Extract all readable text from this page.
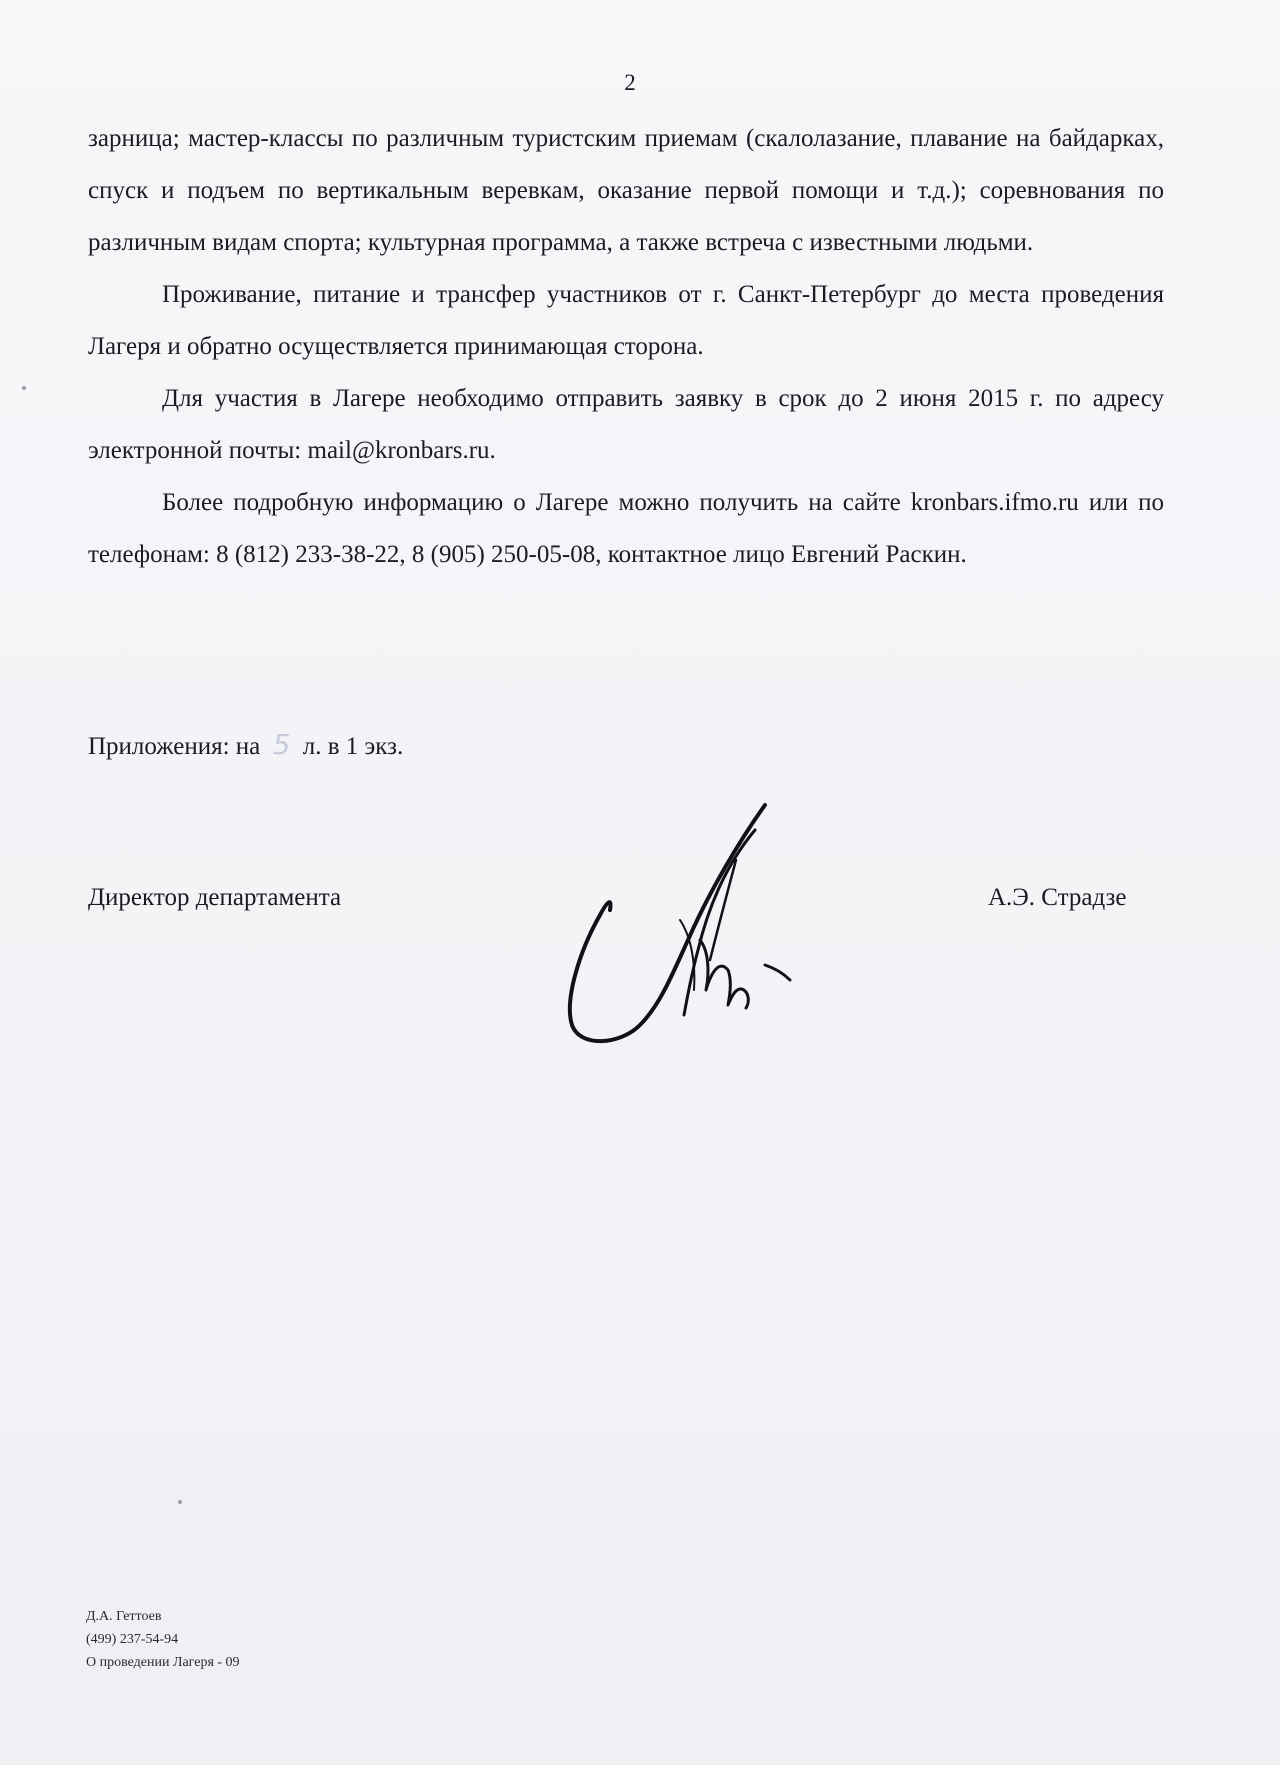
2

зарница; мастер-классы по различным туристским приемам (скалолазание, плавание на байдарках, спуск и подъем по вертикальным веревкам, оказание первой помощи и т.д.); соревнования по различным видам спорта; культурная программа, а также встреча с известными людьми.

Проживание, питание и трансфер участников от г. Санкт-Петербург до места проведения Лагеря и обратно осуществляется принимающая сторона.

Для участия в Лагере необходимо отправить заявку в срок до 2 июня 2015 г. по адресу электронной почты: mail@kronbars.ru.

Более подробную информацию о Лагере можно получить на сайте kronbars.ifmo.ru или по телефонам: 8 (812) 233-38-22, 8 (905) 250-05-08, контактное лицо Евгений Раскин.

Приложения: на 5 л. в 1 экз.
Директор департамента	А.Э. Страдзе
Д.А. Геттоев
(499) 237-54-94
О проведении Лагеря - 09
